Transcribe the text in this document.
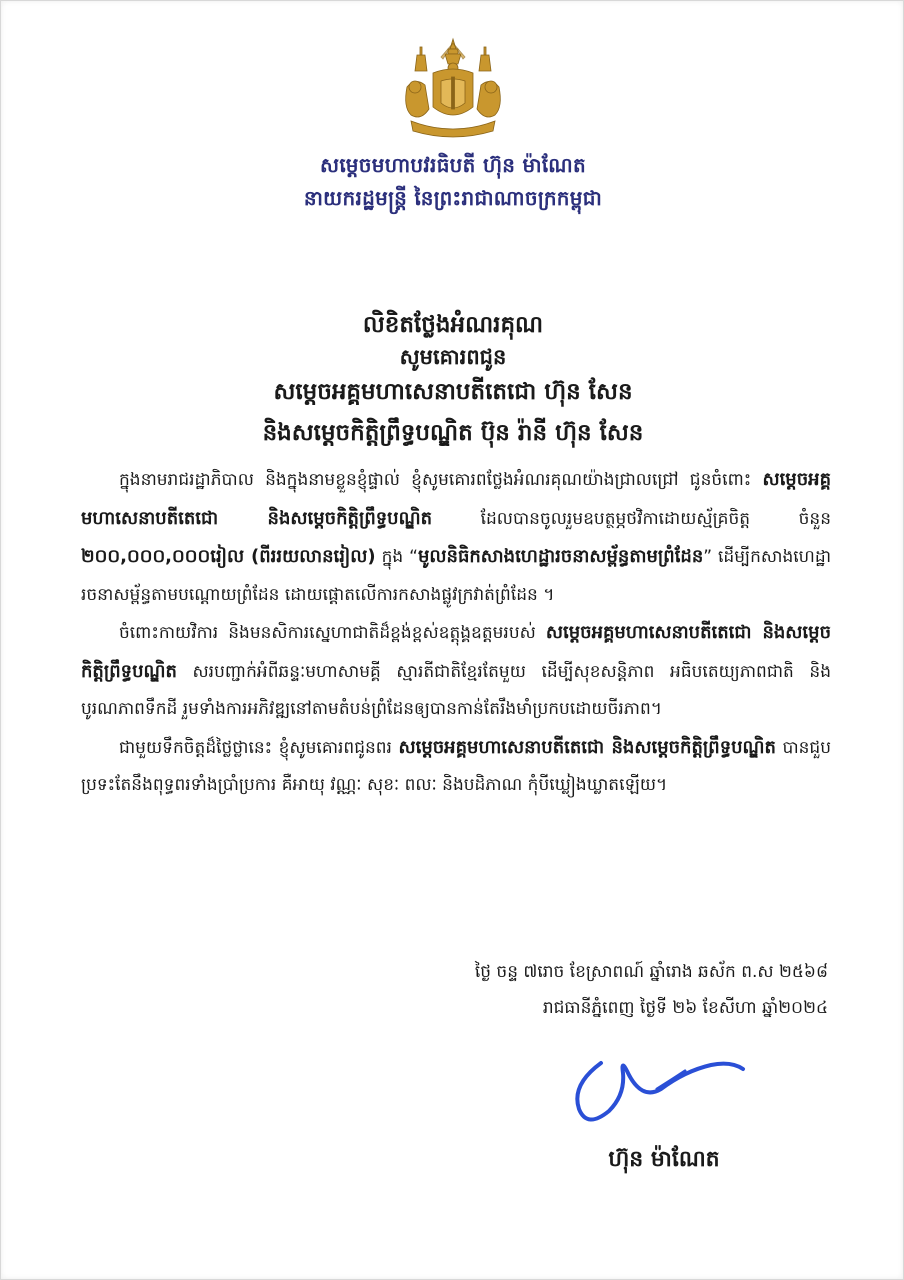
សម្តេចមហាបវរធិបតី ហ៊ុន ម៉ាណែត
នាយករដ្ឋមន្ត្រី នៃព្រះរាជាណាចក្រកម្ពុជា
លិខិតថ្លែងអំណរគុណ
សូមគោរពជូន
សម្តេចអគ្គមហាសេនាបតីតេជោ ហ៊ុន សែន
និងសម្តេចកិត្តិព្រឹទ្ធបណ្ឌិត ប៊ុន រ៉ានី ហ៊ុន សែន

ក្នុងនាមរាជរដ្ឋាភិបាល និងក្នុងនាមខ្លួនខ្ញុំផ្ទាល់ ខ្ញុំសូមគោរពថ្លែងអំណរគុណយ៉ាងជ្រាលជ្រៅ ជូនចំពោះ សម្តេចអគ្គមហាសេនាបតីតេជោ និងសម្តេចកិត្តិព្រឹទ្ធបណ្ឌិត ដែលបានចូលរួមឧបត្ថម្ភថវិកាដោយស្ម័គ្រចិត្ត ចំនួន ២០០,០០០,០០០រៀល (ពីររយលានរៀល) ក្នុង “មូលនិធិកសាងហេដ្ឋារចនាសម្ព័ន្ធតាមព្រំដែន” ដើម្បីកសាងហេដ្ឋារចនាសម្ព័ន្ធតាមបណ្តោយព្រំដែន ដោយផ្តោតលើការកសាងផ្លូវក្រវាត់ព្រំដែន ។

ចំពោះកាយវិការ និងមនសិការស្នេហាជាតិដ៏ខ្ពង់ខ្ពស់ឧត្តុង្គឧត្តមរបស់ សម្តេចអគ្គមហាសេនាបតីតេជោ និងសម្តេចកិត្តិព្រឹទ្ធបណ្ឌិត សរបញ្ជាក់អំពីឆន្ទៈមហាសាមគ្គី ស្មារតីជាតិខ្មែរតែមួយ ដើម្បីសុខសន្តិភាព អធិបតេយ្យភាពជាតិ និងបូរណភាពទឹកដី រួមទាំងការអភិវឌ្ឍនៅតាមតំបន់ព្រំដែនឲ្យបានកាន់តែរឹងមាំប្រកបដោយចីរភាព។

ជាមួយទឹកចិត្តដ៏ថ្លៃថ្លានេះ ខ្ញុំសូមគោរពជូនពរ សម្តេចអគ្គមហាសេនាបតីតេជោ និងសម្តេចកិត្តិព្រឹទ្ធបណ្ឌិត បានជួបប្រទះតែនឹងពុទ្ធពរទាំងប្រាំប្រការ គឺអាយុ វណ្ណៈ សុខៈ ពលៈ និងបដិភាណ កុំបីឃ្លៀងឃ្លាតឡើយ។

ថ្ងៃ ចន្ទ ៧រោច ខែស្រាពណ៍ ឆ្នាំរោង ឆស័ក ព.ស ២៥៦៨
រាជធានីភ្នំពេញ ថ្ងៃទី ២៦ ខែសីហា ឆ្នាំ២០២៤
ហ៊ុន ម៉ាណែត
